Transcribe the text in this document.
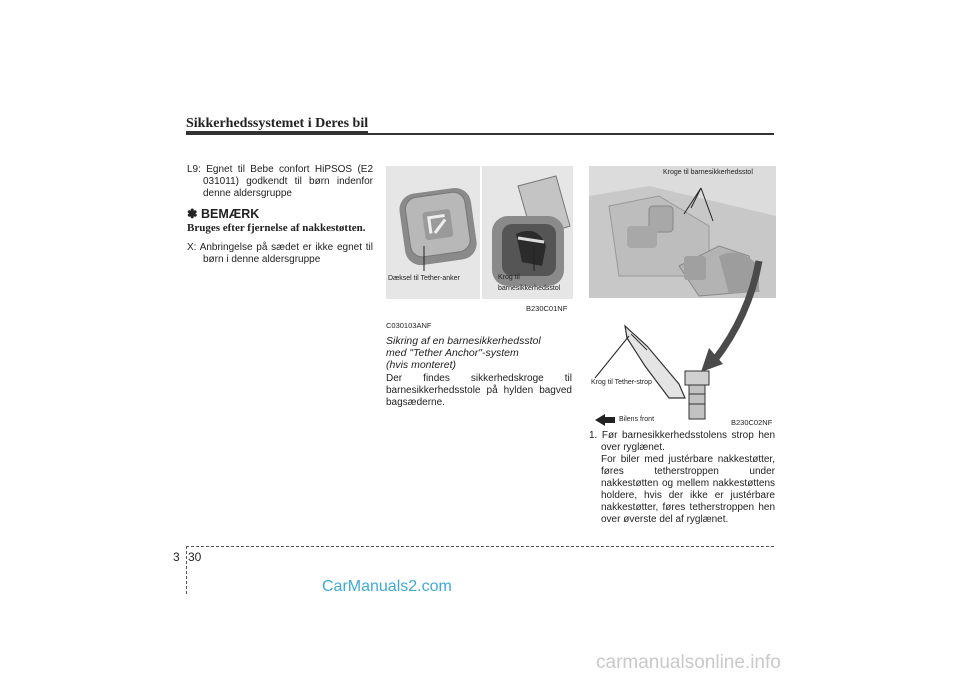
Sikkerhedssystemet i Deres bil

L9: Egnet til Bebe confort HiPSOS (E2 031011) godkendt til børn indenfor denne aldersgruppe

✽ BEMÆRK
Bruges efter fjernelse af nakkestøtten.

X: Anbringelse på sædet er ikke egnet til børn i denne aldersgruppe

Dæksel til Tether-anker	Krog til
barnesikkerhedsstol
B230C01NF
C030103ANF
Sikring af en barnesikkerhedsstol
med "Tether Anchor"-system
(hvis monteret)

Der findes sikkerhedskroge til barnesikkerhedsstole på hylden bagved bagsæderne.

Kroge til barnesikkerhedsstol
Krog til Tether-strop
Bilens front	B230C02NF

1. Før barnesikkerhedsstolens strop hen over ryglænet.

For biler med justérbare nakkestøtter, føres tetherstroppen under nakkestøtten og mellem nakkestøttens holdere, hvis der ikke er justérbare nakkestøtter, føres tetherstroppen hen over øverste del af ryglænet.

3 30
CarManuals2.com
carmanualsonline.info
